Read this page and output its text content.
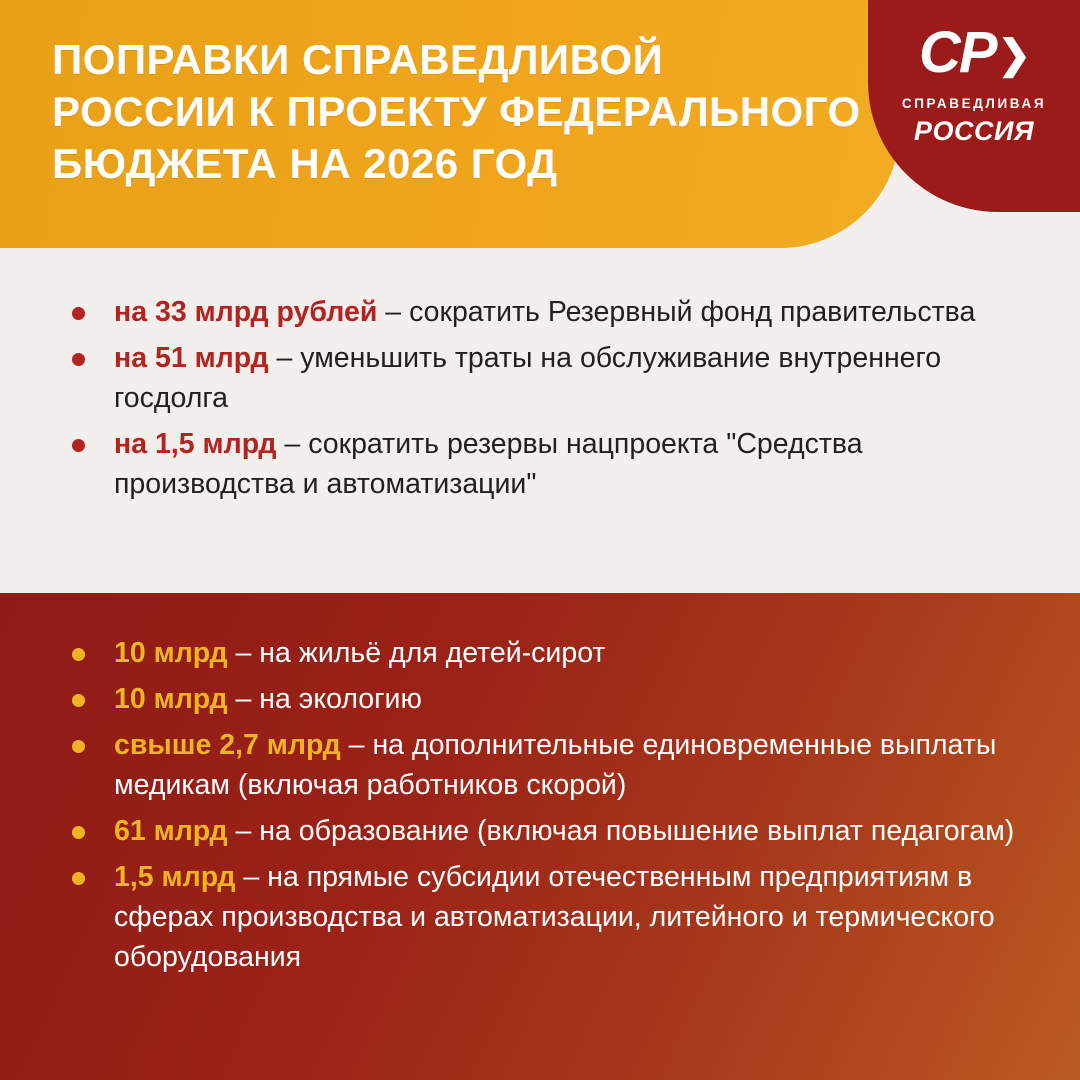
ПОПРАВКИ СПРАВЕДЛИВОЙ
РОССИИ К ПРОЕКТУ ФЕДЕРАЛЬНОГО
БЮДЖЕТА НА 2026 ГОД
СР❯
СПРАВЕДЛИВАЯ
РОССИЯ
на 33 млрд рублей – сократить Резервный фонд правительства
на 51 млрд – уменьшить траты на обслуживание внутреннего госдолга
на 1,5 млрд – сократить резервы нацпроекта "Средства производства и автоматизации"
10 млрд – на жильё для детей-сирот
10 млрд – на экологию
свыше 2,7 млрд – на дополнительные единовременные выплаты медикам (включая работников скорой)
61 млрд – на образование (включая повышение выплат педагогам)
1,5 млрд – на прямые субсидии отечественным предприятиям в сферах производства и автоматизации, литейного и термического оборудования
